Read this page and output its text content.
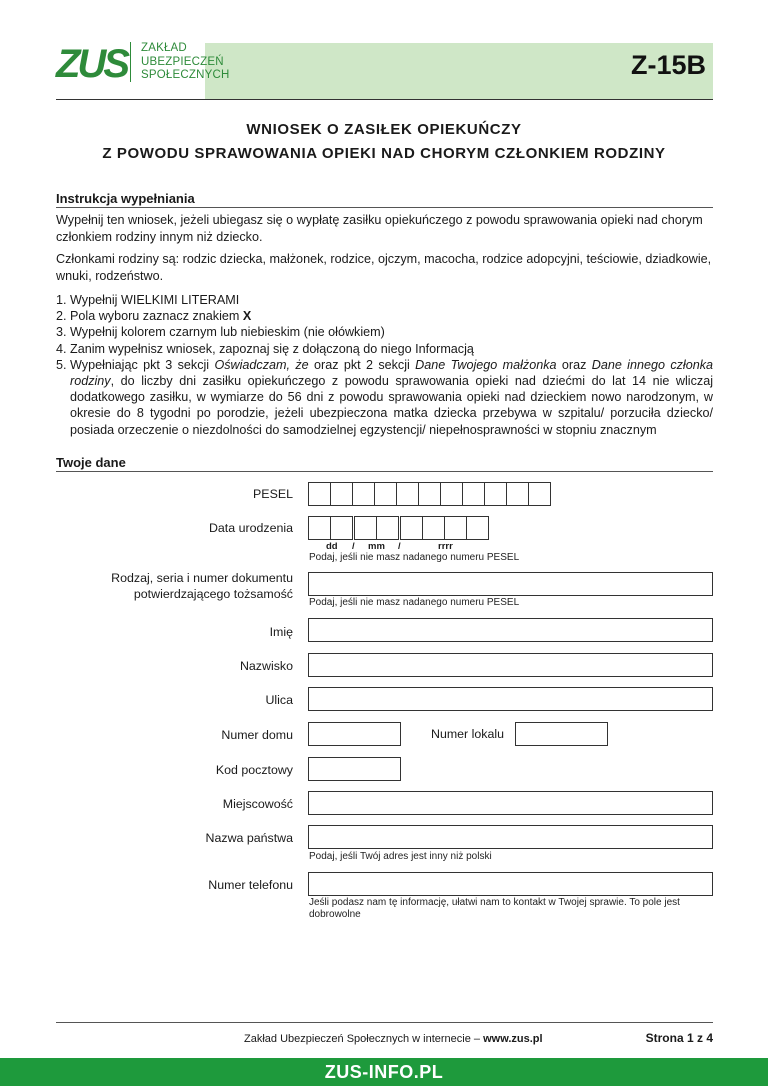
ZUS ZAKŁAD
UBEZPIECZEŃ
SPOŁECZNYCH	Z-15B
WNIOSEK O ZASIŁEK OPIEKUŃCZY
Z POWODU SPRAWOWANIA OPIEKI NAD CHORYM CZŁONKIEM RODZINY
Instrukcja wypełniania
Wypełnij ten wniosek, jeżeli ubiegasz się o wypłatę zasiłku opiekuńczego z powodu sprawowania opieki nad chorym członkiem rodziny innym niż dziecko.
Członkami rodziny są: rodzic dziecka, małżonek, rodzice, ojczym, macocha, rodzice adopcyjni, teściowie, dziadkowie, wnuki, rodzeństwo.
1. Wypełnij WIELKIMI LITERAMI
2. Pola wyboru zaznacz znakiem X
3. Wypełnij kolorem czarnym lub niebieskim (nie ołówkiem)
4. Zanim wypełnisz wniosek, zapoznaj się z dołączoną do niego Informacją
5. Wypełniając pkt 3 sekcji Oświadczam, że oraz pkt 2 sekcji Dane Twojego małżonka oraz Dane innego członka rodziny, do liczby dni zasiłku opiekuńczego z powodu sprawowania opieki nad dziećmi do lat 14 nie wliczaj dodatkowego zasiłku, w wymiarze do 56 dni z powodu sprawowania opieki nad dzieckiem nowo narodzonym, w okresie do 8 tygodni po porodzie, jeżeli ubezpieczona matka dziecka przebywa w szpitalu/ porzuciła dziecko/ posiada orzeczenie o niezdolności do samodzielnej egzystencji/ niepełnosprawności w stopniu znacznym
Twoje dane
PESEL
Data urodzenia
dd / mm /	rrrr
Podaj, jeśli nie masz nadanego numeru PESEL
Rodzaj, seria i numer dokumentu
potwierdzającego tożsamość
Podaj, jeśli nie masz nadanego numeru PESEL
Imię
Nazwisko
Ulica
Numer domu	Numer lokalu
Kod pocztowy
Miejscowość
Nazwa państwa
Podaj, jeśli Twój adres jest inny niż polski
Numer telefonu
Jeśli podasz nam tę informację, ułatwi nam to kontakt w Twojej sprawie. To pole jest
dobrowolne
Zakład Ubezpieczeń Społecznych w internecie – www.zus.pl	Strona 1 z 4
ZUS-INFO.PL
